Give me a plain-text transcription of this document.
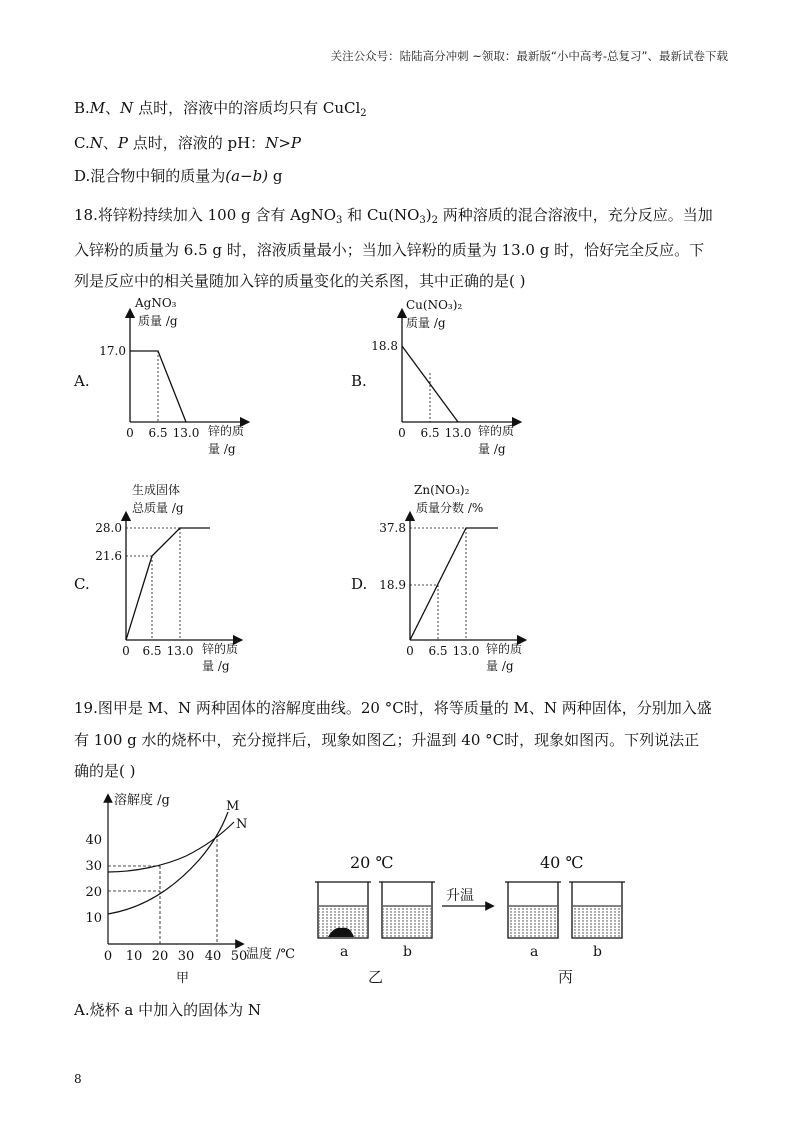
关注公众号：陆陆高分冲刺 ~领取：最新版“小中高考-总复习”、最新试卷下载
B.M、N 点时，溶液中的溶质均只有 CuCl$_2$
C.N、P 点时，溶液的 pH：N>P
D.混合物中铜的质量为(a−b) g
18.将锌粉持续加入 100 g 含有 AgNO$_3$ 和 $Cu(NO_3)_2$ 两种溶质的混合溶液中，充分反应。当加
入锌粉的质量为 6.5 g 时，溶液质量最小；当加入锌粉的质量为 13.0 g 时，恰好完全反应。下
列是反应中的相关量随加入锌的质量变化的关系图，其中正确的是( )
A.
AgNO₃
质量 /g
锌的质
量 /g
17.0
0 6.5 13.0
B.
Cu(NO₃)₂
质量 /g
锌的质
量 /g
18.8
0 6.5 13.0
C.
生成固体
总质量 /g
锌的质
量 /g
28.0
21.6
0 6.5 13.0
D.
Zn(NO₃)₂
质量分数 /%
锌的质
量 /g
37.8
18.9
0 6.5 13.0
19.图甲是 M、N 两种固体的溶解度曲线。20 °C时，将等质量的 M、N 两种固体，分别加入盛
有 100 g 水的烧杯中，充分搅拌后，现象如图乙；升温到 40 °C时，现象如图丙。下列说法正
确的是( )
溶解度 /g
温度 /℃
甲
40
30
20
10
0 10 20 30 40 50
M
N
20 ℃	40 ℃
升温
a	b	a	b
乙	丙
A.烧杯 a 中加入的固体为 N
8
